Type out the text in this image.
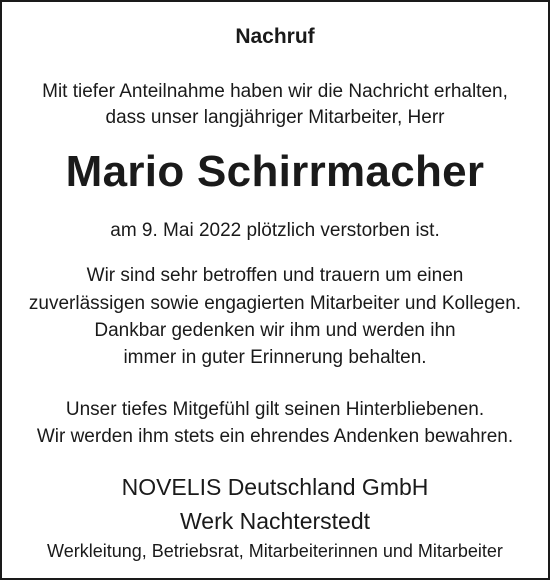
Nachruf
Mit tiefer Anteilnahme haben wir die Nachricht erhalten,
dass unser langjähriger Mitarbeiter, Herr
Mario Schirrmacher
am 9. Mai 2022 plötzlich verstorben ist.
Wir sind sehr betroffen und trauern um einen
zuverlässigen sowie engagierten Mitarbeiter und Kollegen.
Dankbar gedenken wir ihm und werden ihn
immer in guter Erinnerung behalten.
Unser tiefes Mitgefühl gilt seinen Hinterbliebenen.
Wir werden ihm stets ein ehrendes Andenken bewahren.
NOVELIS Deutschland GmbH
Werk Nachterstedt
Werkleitung, Betriebsrat, Mitarbeiterinnen und Mitarbeiter
